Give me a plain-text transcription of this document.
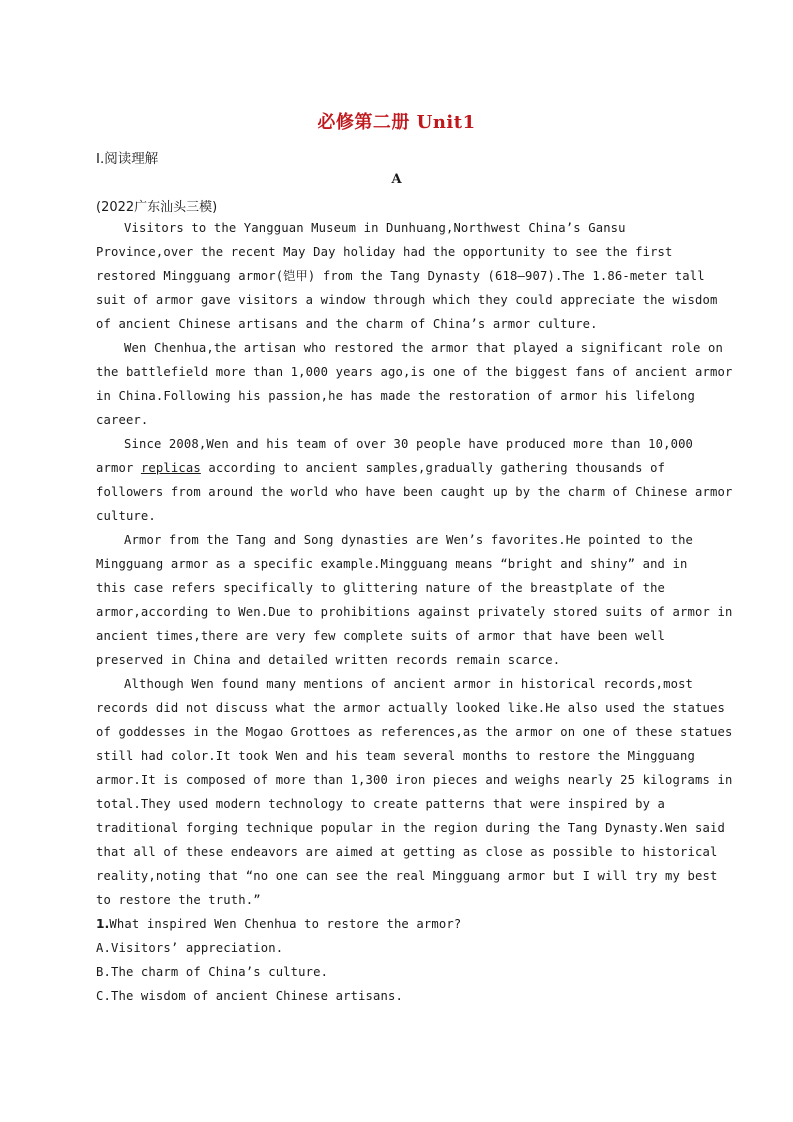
必修第二册 Unit1
Ⅰ.阅读理解
A
(2022广东汕头三模)
Visitors to the Yangguan Museum in Dunhuang,Northwest China’s Gansu
Province,over the recent May Day holiday had the opportunity to see the first
restored Mingguang armor(铠甲) from the Tang Dynasty (618—907).The 1.86-meter tall
suit of armor gave visitors a window through which they could appreciate the wisdom
of ancient Chinese artisans and the charm of China’s armor culture.
Wen Chenhua,the artisan who restored the armor that played a significant role on
the battlefield more than 1,000 years ago,is one of the biggest fans of ancient armor
in China.Following his passion,he has made the restoration of armor his lifelong
career.
Since 2008,Wen and his team of over 30 people have produced more than 10,000
armor replicas according to ancient samples,gradually gathering thousands of
followers from around the world who have been caught up by the charm of Chinese armor
culture.
Armor from the Tang and Song dynasties are Wen’s favorites.He pointed to the
Mingguang armor as a specific example.Mingguang means “bright and shiny” and in
this case refers specifically to glittering nature of the breastplate of the
armor,according to Wen.Due to prohibitions against privately stored suits of armor in
ancient times,there are very few complete suits of armor that have been well
preserved in China and detailed written records remain scarce.
Although Wen found many mentions of ancient armor in historical records,most
records did not discuss what the armor actually looked like.He also used the statues
of goddesses in the Mogao Grottoes as references,as the armor on one of these statues
still had color.It took Wen and his team several months to restore the Mingguang
armor.It is composed of more than 1,300 iron pieces and weighs nearly 25 kilograms in
total.They used modern technology to create patterns that were inspired by a
traditional forging technique popular in the region during the Tang Dynasty.Wen said
that all of these endeavors are aimed at getting as close as possible to historical
reality,noting that “no one can see the real Mingguang armor but I will try my best
to restore the truth.”
1.What inspired Wen Chenhua to restore the armor?
A.Visitors’ appreciation.
B.The charm of China’s culture.
C.The wisdom of ancient Chinese artisans.
